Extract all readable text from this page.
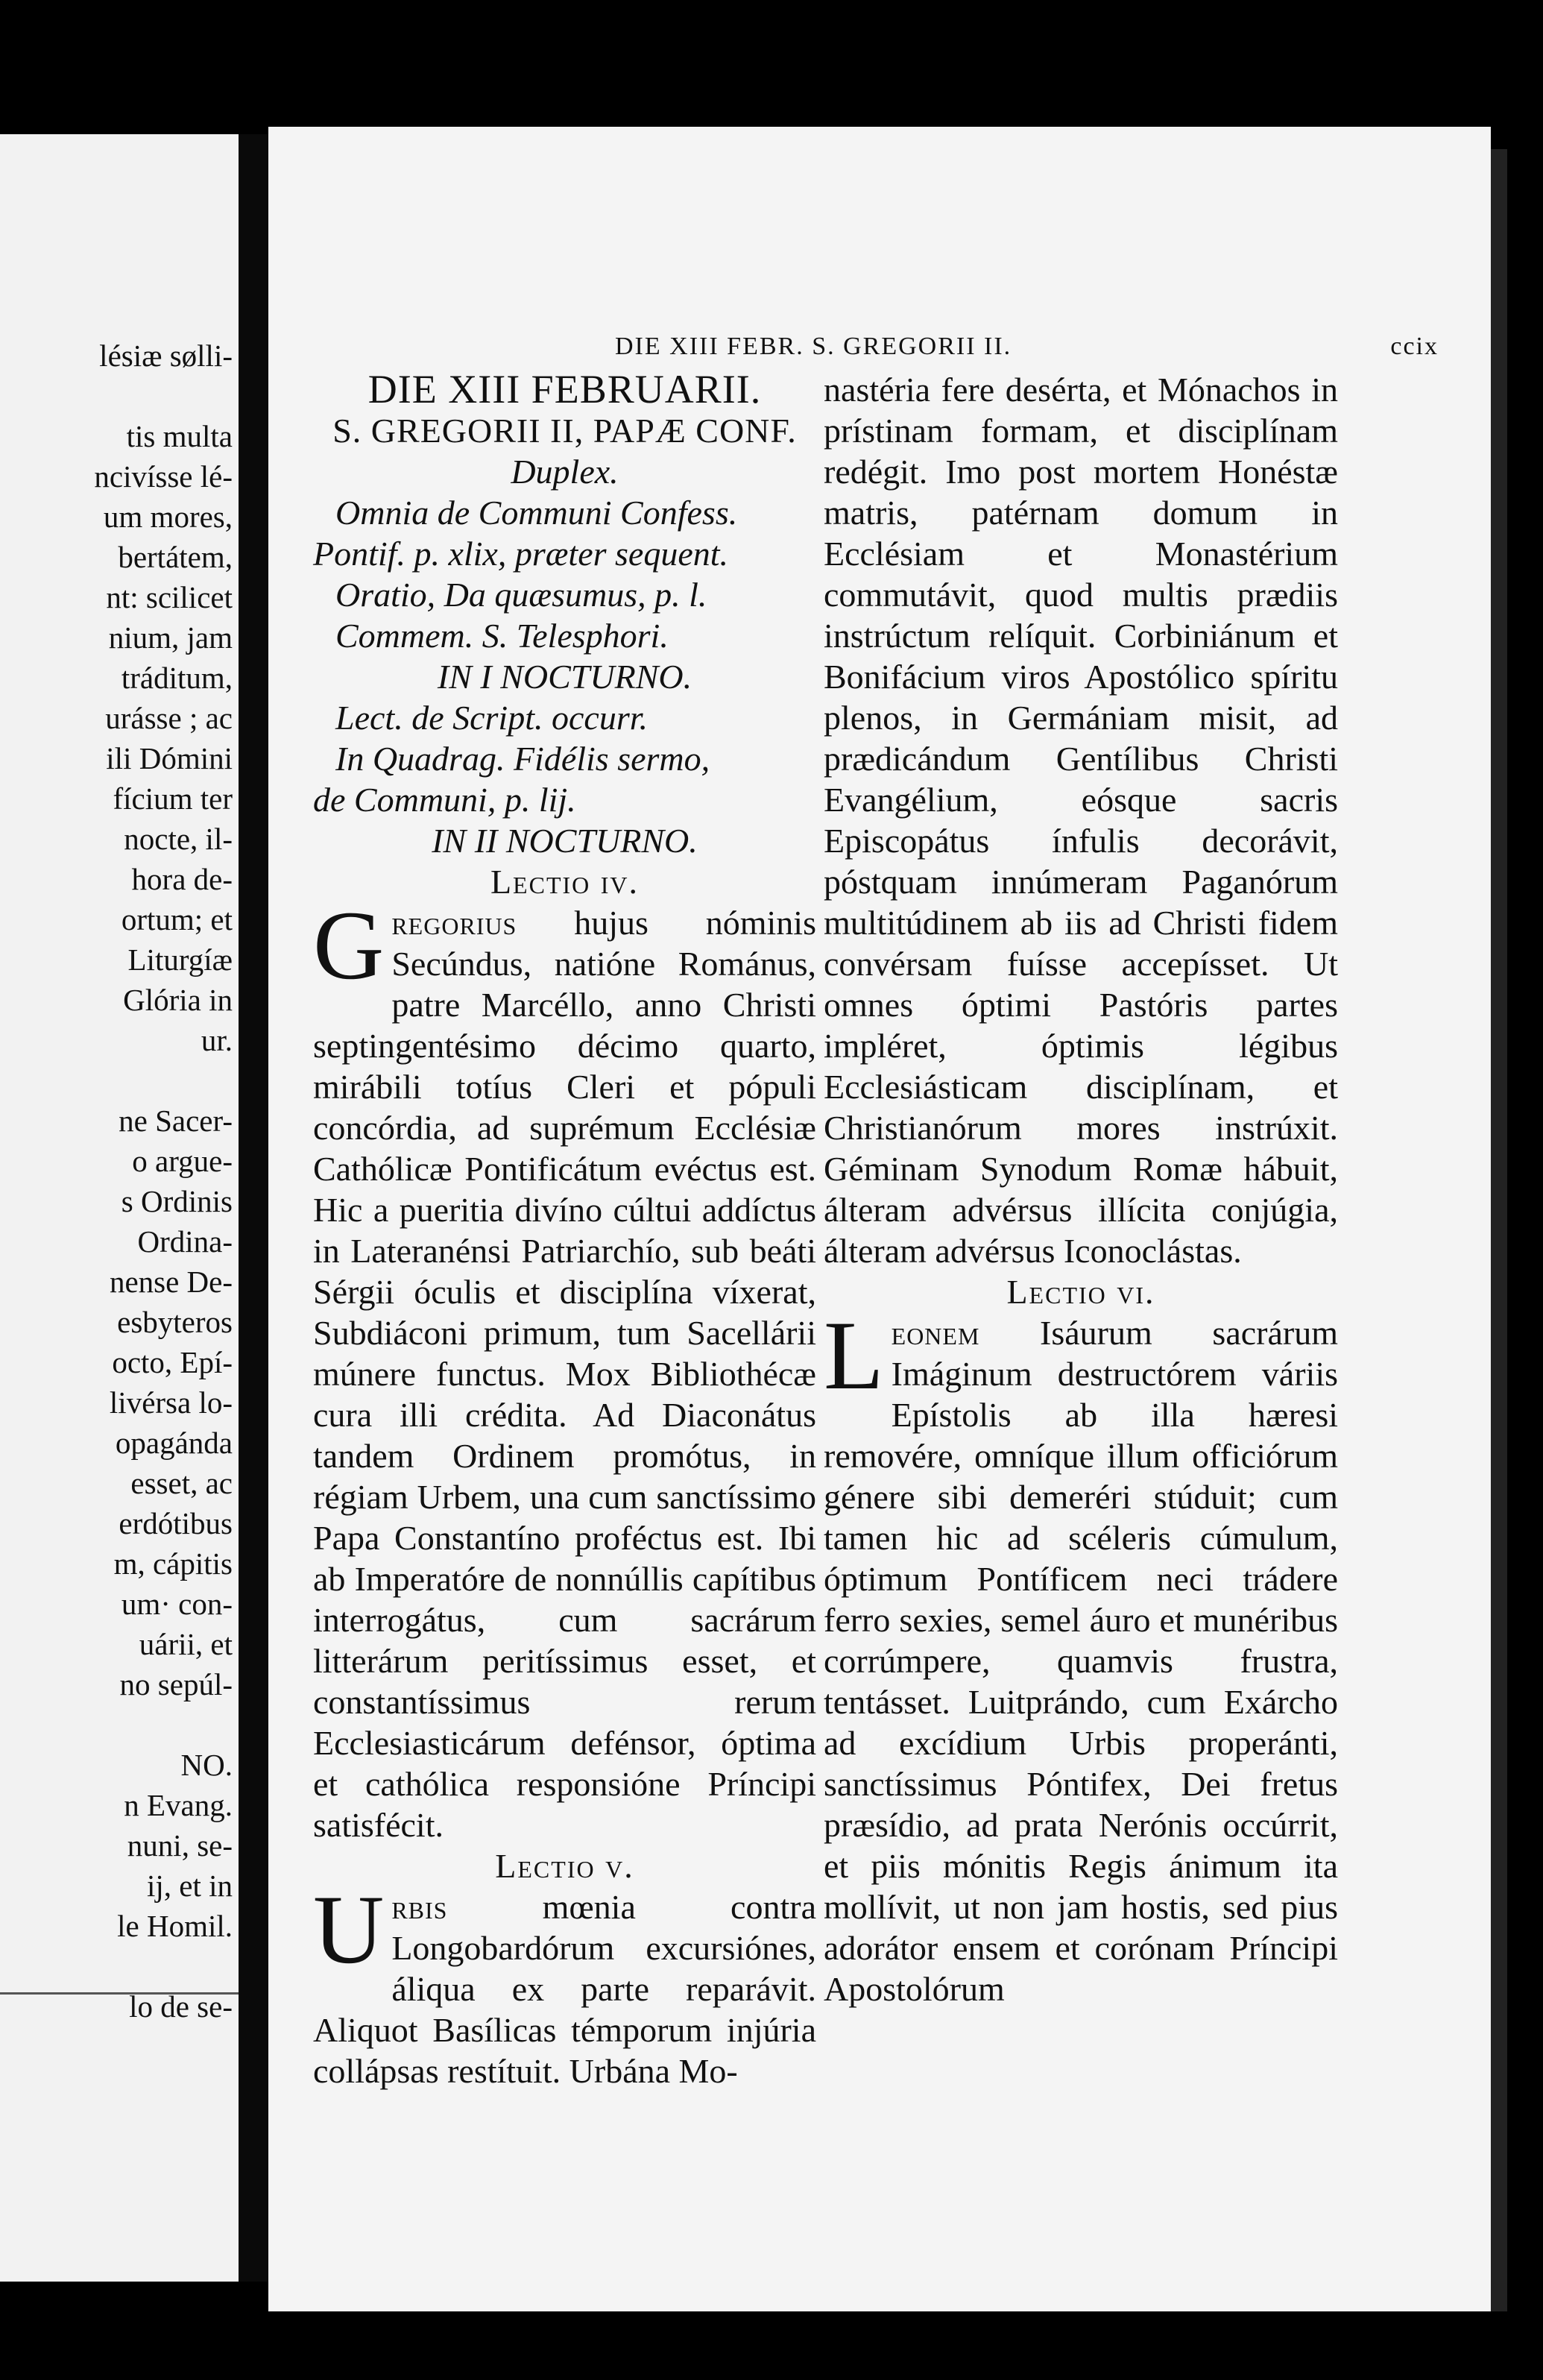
lésiæ sølli-
tis multa
ncivísse lé-
um mores,
bertátem,
nt: scilicet
nium, jam
tráditum,
urásse ; ac
ili Dómini
fícium ter
nocte, il-
hora de-
ortum; et
Liturgíæ
Glória in
ur.
ne Sacer-
o argue-
s Ordinis
Ordina-
nense De-
esbyteros
octo, Epí-
livérsa lo-
opagánda
esset, ac
erdótibus
m, cápitis
um· con-
uárii, et
no sepúl-
NO.
n Evang.
nuni, se-
ij, et in
le Homil.
lo de se-
DIE XIII FEBR. S. GREGORII II.	ccix
DIE XIII FEBRUARII.
S. GREGORII II, PAPÆ CONF.
Duplex.
Omnia de Communi Confess.
Pontif. p. xlix, præter sequent.
Oratio, Da quæsumus, p. l.
Commem. S. Telesphori.
IN I NOCTURNO.
Lect. de Script. occurr.
In Quadrag. Fidélis sermo,
de Communi, p. lij.
IN II NOCTURNO.
Lectio iv.
Gregorius hujus nóminis Secúndus, natióne Románus, patre Marcéllo, anno Christi septingentésimo décimo quarto, mirábili totíus Cleri et pópuli concórdia, ad suprémum Ecclésiæ Cathólicæ Pontificátum evéctus est. Hic a pueritia divíno cúltui addíctus in Lateranénsi Patriarchío, sub beáti Sérgii óculis et disciplína víxerat, Subdiáconi primum, tum Sacellárii múnere functus. Mox Bibliothécæ cura illi crédita. Ad Diaconátus tandem Ordinem promótus, in régiam Urbem, una cum sanctíssimo Papa Constantíno proféctus est. Ibi ab Imperatóre de nonnúllis capítibus interrogátus, cum sacrárum litterárum peritíssimus esset, et constantíssimus rerum Ecclesiasticárum defénsor, óptima et cathólica responsióne Príncipi satisfécit.
Lectio v.
Urbis mœnia contra Longobardórum excursiónes, áliqua ex parte reparávit. Aliquot Basílicas témporum injúria collápsas restítuit. Urbána Mo-
nastéria fere desérta, et Mónachos in prístinam formam, et disciplínam redégit. Imo post mortem Honéstæ matris, patérnam domum in Ecclésiam et Monastérium commutávit, quod multis prædiis instrúctum relíquit. Corbiniánum et Bonifácium viros Apostólico spíritu plenos, in Germániam misit, ad prædicándum Gentílibus Christi Evangélium, eósque sacris Episcopátus ínfulis decorávit, póstquam innúmeram Paganórum multitúdinem ab iis ad Christi fidem convérsam fuísse accepísset. Ut omnes óptimi Pastóris partes impléret, óptimis légibus Ecclesiásticam disciplínam, et Christianórum mores instrúxit. Géminam Synodum Romæ hábuit, álteram advérsus illícita conjúgia, álteram advérsus Iconoclástas.
Lectio vi.
Leonem Isáurum sacrárum Imáginum destructórem váriis Epístolis ab illa hæresi removére, omníque illum officiórum génere sibi demeréri stúduit; cum tamen hic ad scéleris cúmulum, óptimum Pontíficem neci trádere ferro sexies, semel áuro et munéribus corrúmpere, quamvis frustra, tentásset. Luitprándo, cum Exárcho ad excídium Urbis properánti, sanctíssimus Póntifex, Dei fretus præsídio, ad prata Nerónis occúrrit, et piis mónitis Regis ánimum ita mollívit, ut non jam hostis, sed pius adorátor ensem et corónam Príncipi Apostolórum
